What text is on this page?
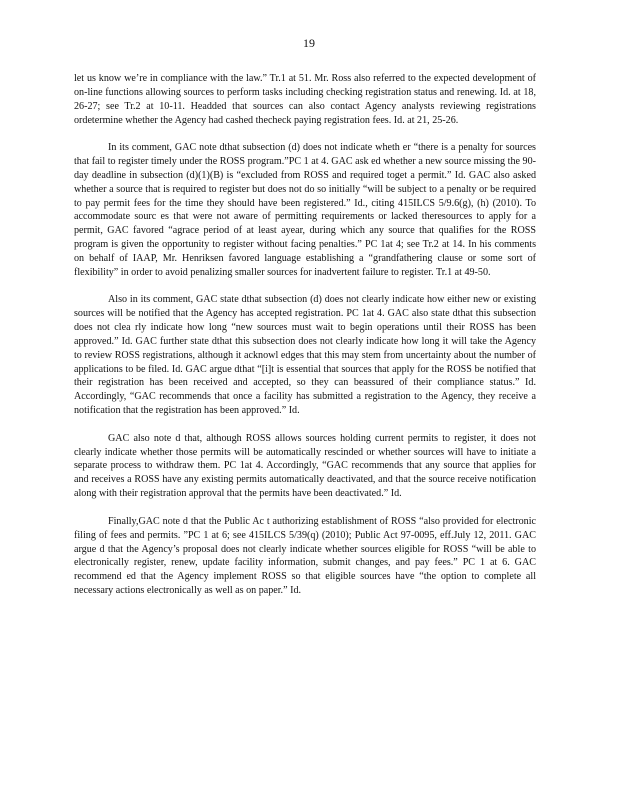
19

let us know we’re in compliance with the law.” Tr.1 at 51. Mr. Ross also referred to the expected development of on-line functions allowing sources to perform tasks including checking registration status and renewing. Id. at 18, 26-27; see Tr.2 at 10-11. Headded that sources can also contact Agency analysts reviewing registrations ordetermine whether the Agency had cashed thecheck paying registration fees. Id. at 21, 25-26.

In its comment, GAC note dthat subsection (d) does not indicate wheth er “there is a penalty for sources that fail to register timely under the ROSS program.”PC 1 at 4. GAC ask ed whether a new source missing the 90-day deadline in subsection (d)(1)(B) is “excluded from ROSS and required toget a permit.” Id. GAC also asked whether a source that is required to register but does not do so initially “will be subject to a penalty or be required to pay permit fees for the time they should have been registered.” Id., citing 415ILCS 5/9.6(g), (h) (2010). To accommodate sourc es that were not aware of permitting requirements or lacked theresources to apply for a permit, GAC favored “agrace period of at least ayear, during which any source that qualifies for the ROSS program is given the opportunity to register without facing penalties.” PC 1at 4; see Tr.2 at 14. In his comments on behalf of IAAP, Mr. Henriksen favored language establishing a “grandfathering clause or some sort of flexibility” in order to avoid penalizing smaller sources for inadvertent failure to register. Tr.1 at 49-50.

Also in its comment, GAC state dthat subsection (d) does not clearly indicate how either new or existing sources will be notified that the Agency has accepted registration. PC 1at 4. GAC also state dthat this subsection does not clea rly indicate how long “new sources must wait to begin operations until their ROSS has been approved.” Id. GAC further state dthat this subsection does not clearly indicate how long it will take the Agency to review ROSS registrations, although it acknowl edges that this may stem from uncertainty about the number of applications to be filed. Id. GAC argue dthat “[i]t is essential that sources that apply for the ROSS be notified that their registration has been received and accepted, so they can beassured of their compliance status.” Id. Accordingly, “GAC recommends that once a facility has submitted a registration to the Agency, they receive a notification that the registration has been approved.” Id.

GAC also note d that, although ROSS allows sources holding current permits to register, it does not clearly indicate whether those permits will be automatically rescinded or whether sources will have to initiate a separate process to withdraw them. PC 1at 4. Accordingly, “GAC recommends that any source that applies for and receives a ROSS have any existing permits automatically deactivated, and that the source receive notification along with their registration approval that the permits have been deactivated.” Id.

Finally,GAC note d that the Public Ac t authorizing establishment of ROSS “also provided for electronic filing of fees and permits. ”PC 1 at 6; see 415ILCS 5/39(q) (2010); Public Act 97-0095, eff.July 12, 2011. GAC argue d that the Agency’s proposal does not clearly indicate whether sources eligible for ROSS “will be able to electronically register, renew, update facility information, submit changes, and pay fees.” PC 1 at 6. GAC recommend ed that the Agency implement ROSS so that eligible sources have “the option to complete all necessary actions electronically as well as on paper.” Id.
